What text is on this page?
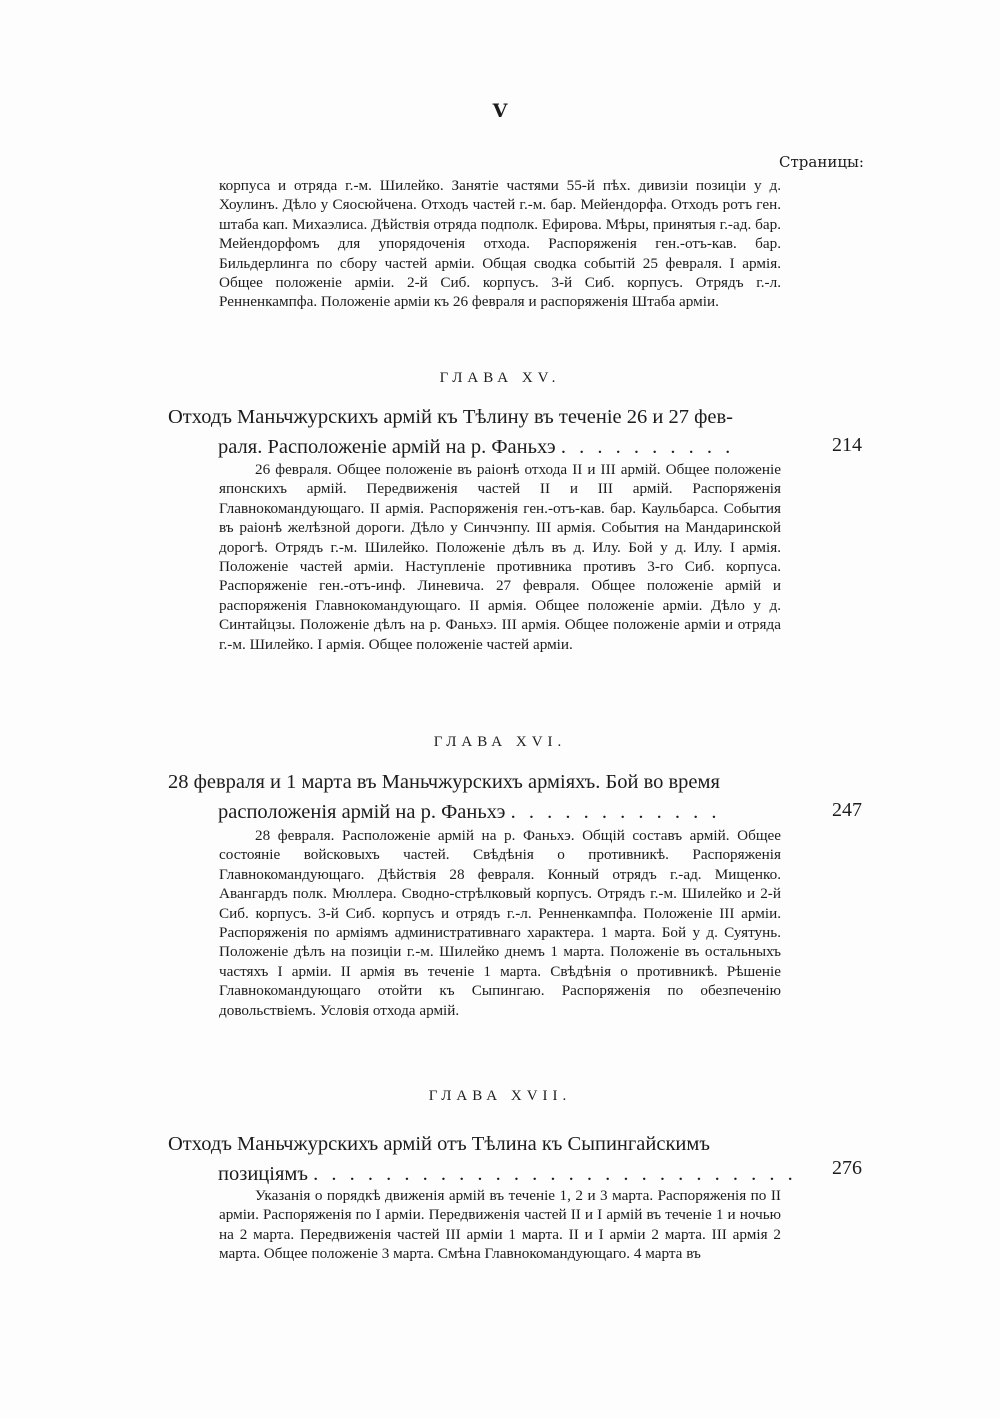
V
Страницы:

корпуса и отряда г.-м. Шилейко. Занятiе частями 55-й пѣх. дивизiи позицiи у д. Хоулинъ. Дѣло у Сяосюйчена. Отходъ частей г.-м. бар. Мейендорфа. Отходъ ротъ ген. штаба кап. Михаэлиса. Дѣйствiя отряда подполк. Ефирова. Мѣры, принятыя г.-ад. бар. Мейендорфомъ для упорядоченiя отхода. Распоряженiя ген.-отъ-кав. бар. Бильдерлинга по сбору частей армiи. Общая сводка событiй 25 февраля. I армiя. Общее положенiе армiи. 2-й Сиб. корпусъ. 3-й Сиб. корпусъ. Отрядъ г.-л. Ренненкампфа. Положенiе армiи къ 26 февраля и распоряженiя Штаба армiи.

ГЛАВА XV.
Отходъ Маньчжурскихъ армiй къ Тѣлину въ теченiе 26 и 27 фев-
раля. Расположенiе армiй на р. Фаньхэ . . . . . . . . . .	214

26 февраля. Общее положенiе въ раiонѣ отхода II и III армiй. Общее положенiе японскихъ армiй. Передвиженiя частей II и III армiй. Распоряженiя Главнокомандующаго. II армiя. Распоряженiя ген.-отъ-кав. бар. Каульбарса. События въ раiонѣ желѣзной дороги. Дѣло у Синчэнпу. III армiя. События на Мандаринской дорогѣ. Отрядъ г.-м. Шилейко. Положенiе дѣлъ въ д. Илу. Бой у д. Илу. I армiя. Положенiе частей армiи. Наступленiе противника противъ 3-го Сиб. корпуса. Распоряженiе ген.-отъ-инф. Линевича. 27 февраля. Общее положенiе армiй и распоряженiя Главнокомандующаго. II армiя. Общее положенiе армiи. Дѣло у д. Синтайцзы. Положенiе дѣлъ на р. Фаньхэ. III армiя. Общее положенiе армiи и отряда г.-м. Шилейко. I армiя. Общее положенiе частей армiи.

ГЛАВА XVI.
28 февраля и 1 марта въ Маньчжурскихъ армiяхъ. Бой во время
расположенiя армiй на р. Фаньхэ . . . . . . . . . . . .	247

28 февраля. Расположенiе армiй на р. Фаньхэ. Общiй составъ армiй. Общее состоянiе войсковыхъ частей. Свѣдѣнiя о противникѣ. Распоряженiя Главнокомандующаго. Дѣйствiя 28 февраля. Конный отрядъ г.-ад. Мищенко. Авангардъ полк. Мюллера. Сводно-стрѣлковый корпусъ. Отрядъ г.-м. Шилейко и 2-й Сиб. корпусъ. 3-й Сиб. корпусъ и отрядъ г.-л. Ренненкампфа. Положенiе III армiи. Распоряженiя по армiямъ административнаго характера. 1 марта. Бой у д. Суятунь. Положенiе дѣлъ на позицiи г.-м. Шилейко днемъ 1 марта. Положенiе въ остальныхъ частяхъ I армiи. II армiя въ теченiе 1 марта. Свѣдѣнiя о противникѣ. Рѣшенiе Главнокомандующаго отойти къ Сыпингаю. Распоряженiя по обезпеченiю довольствiемъ. Условiя отхода армiй.

ГЛАВА XVII.
Отходъ Маньчжурскихъ армiй отъ Тѣлина къ Сыпингайскимъ
позицiямъ . . . . . . . . . . . . . . . . . . . . . . . . . . .	276

Указанiя о порядкѣ движенiя армiй въ теченiе 1, 2 и 3 марта. Распоряженiя по II армiи. Распоряженiя по I армiи. Передвиженiя частей II и I армiй въ теченiе 1 и ночью на 2 марта. Передвиженiя частей III армiи 1 марта. II и I армiи 2 марта. III армiя 2 марта. Общее положенiе 3 марта. Смѣна Главнокомандующаго. 4 марта въ
